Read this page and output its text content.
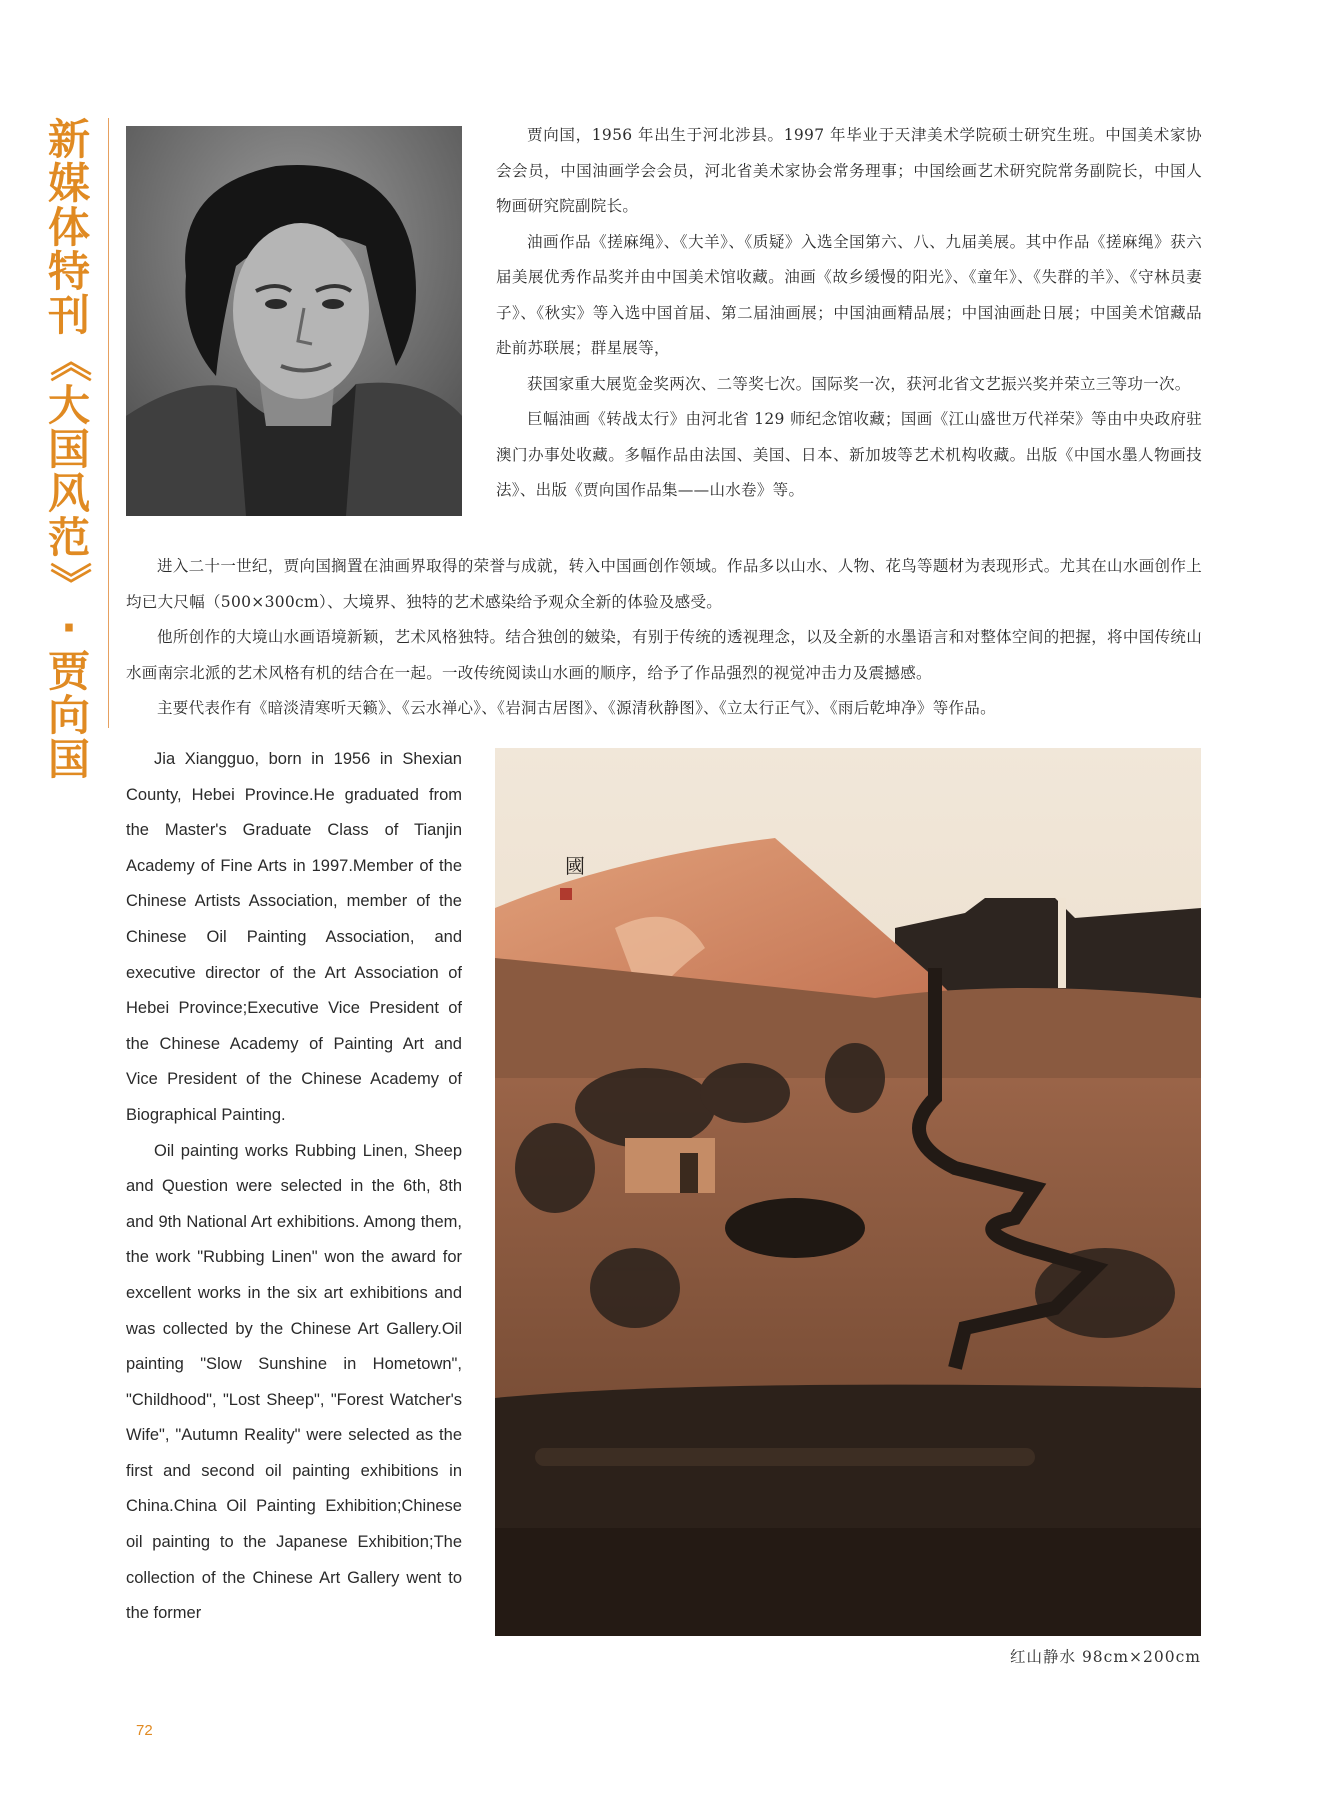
新
媒
体
特
刊
《
大
国
风
范
》
·
贾
向
国

贾向国，1956 年出生于河北涉县。1997 年毕业于天津美术学院硕士研究生班。中国美术家协会会员，中国油画学会会员，河北省美术家协会常务理事；中国绘画艺术研究院常务副院长，中国人物画研究院副院长。

油画作品《搓麻绳》、《大羊》、《质疑》入选全国第六、八、九届美展。其中作品《搓麻绳》获六届美展优秀作品奖并由中国美术馆收藏。油画《故乡缓慢的阳光》、《童年》、《失群的羊》、《守林员妻子》、《秋实》等入选中国首届、第二届油画展；中国油画精品展；中国油画赴日展；中国美术馆藏品赴前苏联展；群星展等，

获国家重大展览金奖两次、二等奖七次。国际奖一次，获河北省文艺振兴奖并荣立三等功一次。

巨幅油画《转战太行》由河北省 129 师纪念馆收藏；国画《江山盛世万代祥荣》等由中央政府驻澳门办事处收藏。多幅作品由法国、美国、日本、新加坡等艺术机构收藏。出版《中国水墨人物画技法》、出版《贾向国作品集——山水卷》等。

进入二十一世纪，贾向国搁置在油画界取得的荣誉与成就，转入中国画创作领域。作品多以山水、人物、花鸟等题材为表现形式。尤其在山水画创作上均已大尺幅（500×300cm）、大境界、独特的艺术感染给予观众全新的体验及感受。

他所创作的大境山水画语境新颖，艺术风格独特。结合独创的皴染，有别于传统的透视理念，以及全新的水墨语言和对整体空间的把握，将中国传统山水画南宗北派的艺术风格有机的结合在一起。一改传统阅读山水画的顺序，给予了作品强烈的视觉冲击力及震撼感。

主要代表作有《暗淡清寒听天籁》、《云水禅心》、《岩洞古居图》、《源清秋静图》、《立太行正气》、《雨后乾坤净》等作品。

Jia Xiangguo, born in 1956 in Shexian County, Hebei Province.He graduated from the Master's Graduate Class of Tianjin Academy of Fine Arts in 1997.Member of the Chinese Artists Association, member of the Chinese Oil Painting Association, and executive director of the Art Association of Hebei Province;Executive Vice President of the Chinese Academy of Painting Art and Vice President of the Chinese Academy of Biographical Painting.

Oil painting works Rubbing Linen, Sheep and Question were selected in the 6th, 8th and 9th National Art exhibitions. Among them, the work "Rubbing Linen" won the award for excellent works in the six art exhibitions and was collected by the Chinese Art Gallery.Oil painting "Slow Sunshine in Hometown", "Childhood", "Lost Sheep", "Forest Watcher's Wife", "Autumn Reality" were selected as the first and second oil painting exhibitions in China.China Oil Painting Exhibition;Chinese oil painting to the Japanese Exhibition;The collection of the Chinese Art Gallery went to the former

國
红山静水 98cm×200cm
72
